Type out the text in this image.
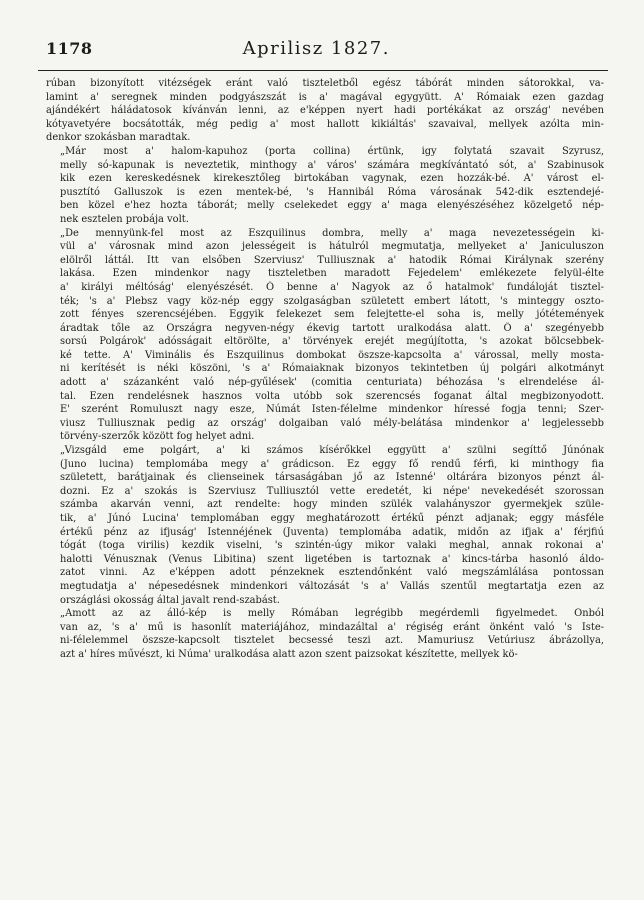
1178	Aprilisz 1827.
rúban bizonyított vitézségek eránt való tiszteletből egész tábórát minden sátorokkal, va-
lamint a' seregnek minden podgyászszát is a' magával egygyütt. A' Rómaiak ezen gazdag
ajándékért háládatosok kívánván lenni, az e'képpen nyert hadi portékákat az ország' nevében
kótyavetyére bocsátották, még pedig a' most hallott kikiáltás' szavaival, mellyek azólta min-
denkor szokásban maradtak.
„Már most a' halom-kapuhoz (porta collina) értünk, igy folytatá szavait Szyrusz,
melly só-kapunak is neveztetik, minthogy a' város' számára megkívántató sót, a' Szabinusok
kik ezen kereskedésnek kirekesztőleg birtokában vagynak, ezen hozzák-bé. A' várost el-
pusztító Galluszok is ezen mentek-bé, 's Hannibál Róma városának 542-dik esztendejé-
ben közel e'hez hozta táborát; melly cselekedet eggy a' maga elenyészéséhez közelgető nép-
nek esztelen probája volt.
„De mennyünk-fel most az Eszquilinus dombra, melly a' maga nevezetességein ki-
vül a' városnak mind azon jelességeit is hátulról megmutatja, mellyeket a' Janiculuszon
elölről láttál. Itt van elsőben Szerviusz' Tulliusznak a' hatodik Római Királynak szerény
lakása. Ezen mindenkor nagy tiszteletben maradott Fejedelem' emlékezete felyül-élte
a' királyi méltóság' elenyészését. Ő benne a' Nagyok az ő hatalmok' fundáloját tisztel-
ték; 's a' Plebsz vagy köz-nép eggy szolgaságban született embert látott, 's minteggy oszto-
zott fényes szerencséjében. Eggyik felekezet sem felejtette-el soha is, melly jótétemények
áradtak tőle az Országra negyven-négy ékevig tartott uralkodása alatt. Ő a' szegényebb
sorsú Polgárok' adósságait eltörölte, a' törvények erejét megújította, 's azokat bölcsebbek-
ké tette. A' Viminális és Eszquilinus dombokat öszsze-kapcsolta a' várossal, melly mosta-
ni kerítését is néki köszöni, 's a' Rómaiaknak bizonyos tekintetben új polgári alkotmányt
adott a' százanként való nép-gyűlések' (comitia centuriata) béhozása 's elrendelése ál-
tal. Ezen rendelésnek hasznos volta utóbb sok szerencsés foganat által megbizonyodott.
E' szerént Romuluszt nagy esze, Númát Isten-félelme mindenkor híressé fogja tenni; Szer-
viusz Tulliusznak pedig az ország' dolgaiban való mély-belátása mindenkor a' legjelessebb
törvény-szerzők között fog helyet adni.
„Vizsgáld eme polgárt, a' ki számos kísérőkkel eggyütt a' szülni segíttő Júnónak
(Juno lucina) templomába megy a' grádicson. Ez eggy fő rendű férfi, ki minthogy fia
született, barátjainak és clienseinek társaságában jő az Istenné' oltárára bizonyos pénzt ál-
dozni. Ez a' szokás is Szerviusz Tulliusztól vette eredetét, ki népe' nevekedését szorossan
számba akarván venni, azt rendelte: hogy minden szülék valahányszor gyermekjek szüle-
tik, a' Júnó Lucina' templomában eggy meghatározott értékű pénzt adjanak; eggy másféle
értékű pénz az ifjuság' Istennéjének (Juventa) templomába adatik, midőn az ifjak a' férjfiú
tógát (toga virilis) kezdik viselni, 's szintén-úgy mikor valaki meghal, annak rokonai a'
halotti Vénusznak (Venus Libitina) szent ligetében is tartoznak a' kincs-tárba hasonló áldo-
zatot vinni. Az e'képpen adott pénzeknek esztendőnként való megszámlálása pontossan
megtudatja a' népesedésnek mindenkori változását 's a' Vallás szentűl megtartatja ezen az
országlási okosság által javalt rend-szabást.
„Amott az az álló-kép is melly Rómában legrégibb megérdemli figyelmedet. Onból
van az, 's a' mű is hasonlít materiájához, mindazáltal a' régiség eránt önként való 's Iste-
ni-félelemmel öszsze-kapcsolt tisztelet becsessé teszi azt. Mamuriusz Vetúriusz ábrázollya,
azt a' híres művészt, ki Núma' uralkodása alatt azon szent paizsokat készítette, mellyek kö-
